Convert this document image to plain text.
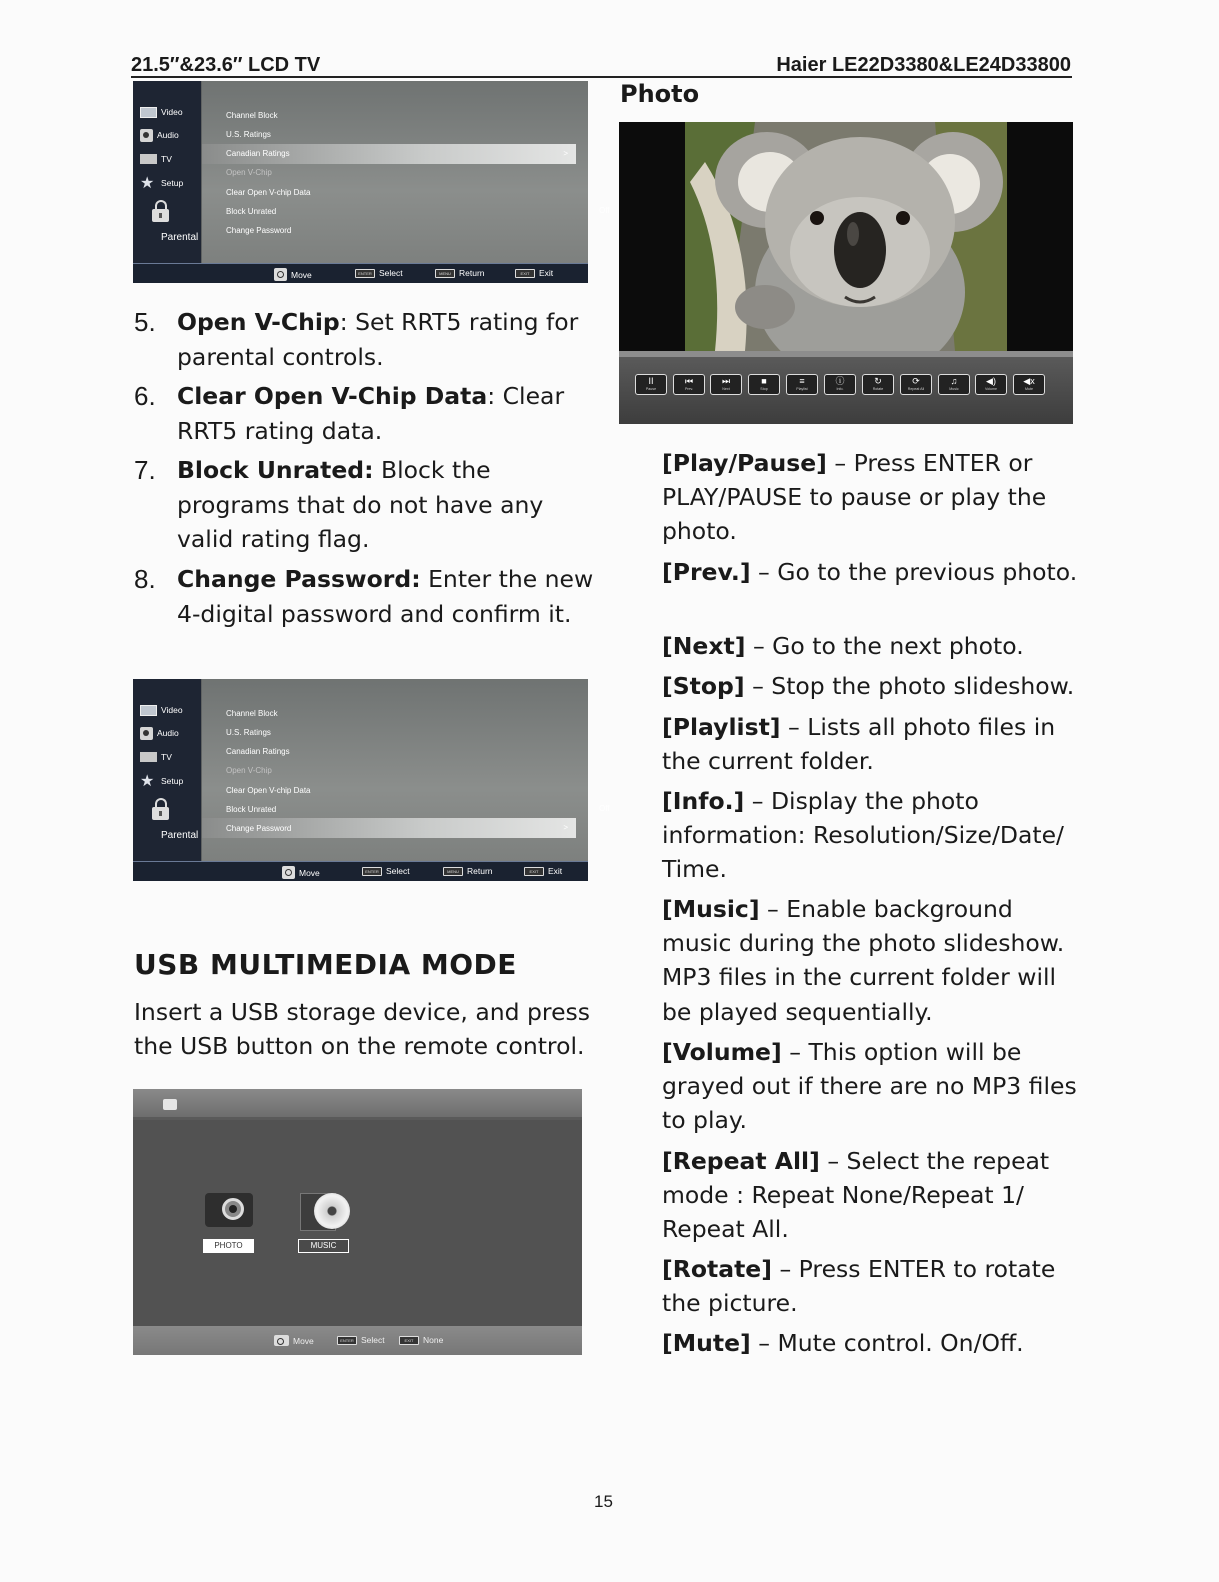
21.5″&23.6″ LCD TV	Haier LE22D3380&LE24D33800
Video
Audio
TV
★ Setup
Parental
>
Channel Block
U.S. Ratings
Canadian Ratings
Open V-Chip
Clear Open V-chip Data
Block Unrated	Off
Change Password
Move	ENTER Select	MENU Return	EXIT	Exit
5. Open V-Chip: Set RRT5 rating for parental controls.
6. Clear Open V-Chip Data: Clear RRT5 rating data.
7. Block Unrated: Block the programs that do not have any valid rating flag.
8. Change Password: Enter the new 4-digital password and confirm it.
Video
Audio
TV
★ Setup
Parental
>
Channel Block
U.S. Ratings
Canadian Ratings
Open V-Chip
Clear Open V-chip Data
Block Unrated	Off
Change Password
Move	ENTER Select	MENU Return	EXIT	Exit
USB MULTIMEDIA MODE
Insert a USB storage device, and press the USB button on the remote control.
PHOTO	MUSIC
Move	ENTER Select	EXIT	None
Photo
II
Pause
⏮
Prev.
⏭
Next
■
Stop
≡
Playlist
ⓘ
Info.
↻
Rotate
⟳
Repeat All
♫
Music
◀)
Volume
◀x
Mute
[Play/Pause] – Press ENTER or PLAY/PAUSE to pause or play the photo.
[Prev.] – Go to the previous photo.
[Next] – Go to the next photo.
[Stop] – Stop the photo slideshow.
[Playlist] – Lists all photo files in the current folder.
[Info.] – Display the photo information: Resolution/Size/Date/ Time.
[Music] – Enable background music during the photo slideshow. MP3 files in the current folder will be played sequentially.
[Volume] – This option will be grayed out if there are no MP3 files to play.
[Repeat All] – Select the repeat mode : Repeat None/Repeat 1/ Repeat All.
[Rotate] – Press ENTER to rotate the picture.
[Mute] – Mute control. On/Off.
15
